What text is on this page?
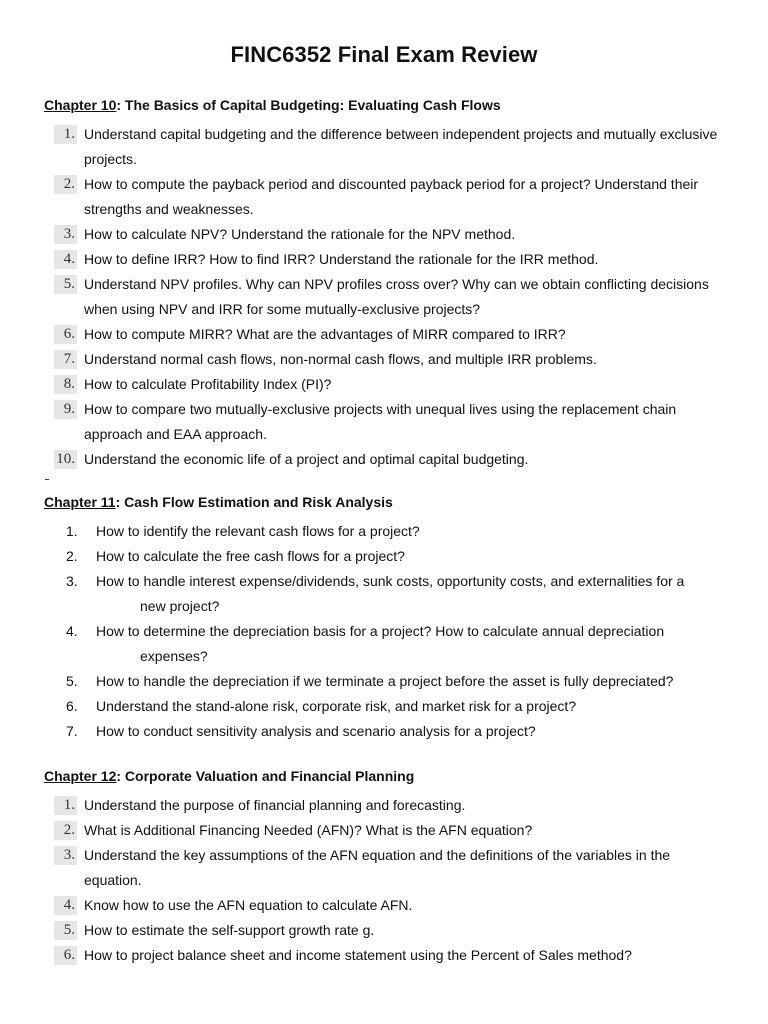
FINC6352 Final Exam Review
Chapter 10: The Basics of Capital Budgeting: Evaluating Cash Flows
1. Understand capital budgeting and the difference between independent projects and mutually exclusive projects.
2. How to compute the payback period and discounted payback period for a project? Understand their strengths and weaknesses.
3. How to calculate NPV? Understand the rationale for the NPV method.
4. How to define IRR? How to find IRR? Understand the rationale for the IRR method.
5. Understand NPV profiles. Why can NPV profiles cross over? Why can we obtain conflicting decisions when using NPV and IRR for some mutually-exclusive projects?
6. How to compute MIRR? What are the advantages of MIRR compared to IRR?
7. Understand normal cash flows, non-normal cash flows, and multiple IRR problems.
8. How to calculate Profitability Index (PI)?
9. How to compare two mutually-exclusive projects with unequal lives using the replacement chain approach and EAA approach.
10. Understand the economic life of a project and optimal capital budgeting.
Chapter 11: Cash Flow Estimation and Risk Analysis
1.	How to identify the relevant cash flows for a project?
2.	How to calculate the free cash flows for a project?
3.	How to handle interest expense/dividends, sunk costs, opportunity costs, and externalities for a
new project?
4.	How to determine the depreciation basis for a project? How to calculate annual depreciation
expenses?
5.	How to handle the depreciation if we terminate a project before the asset is fully depreciated?
6.	Understand the stand-alone risk, corporate risk, and market risk for a project?
7.	How to conduct sensitivity analysis and scenario analysis for a project?
Chapter 12: Corporate Valuation and Financial Planning
1. Understand the purpose of financial planning and forecasting.
2. What is Additional Financing Needed (AFN)? What is the AFN equation?
3. Understand the key assumptions of the AFN equation and the definitions of the variables in the equation.
4. Know how to use the AFN equation to calculate AFN.
5. How to estimate the self-support growth rate g.
6. How to project balance sheet and income statement using the Percent of Sales method?
